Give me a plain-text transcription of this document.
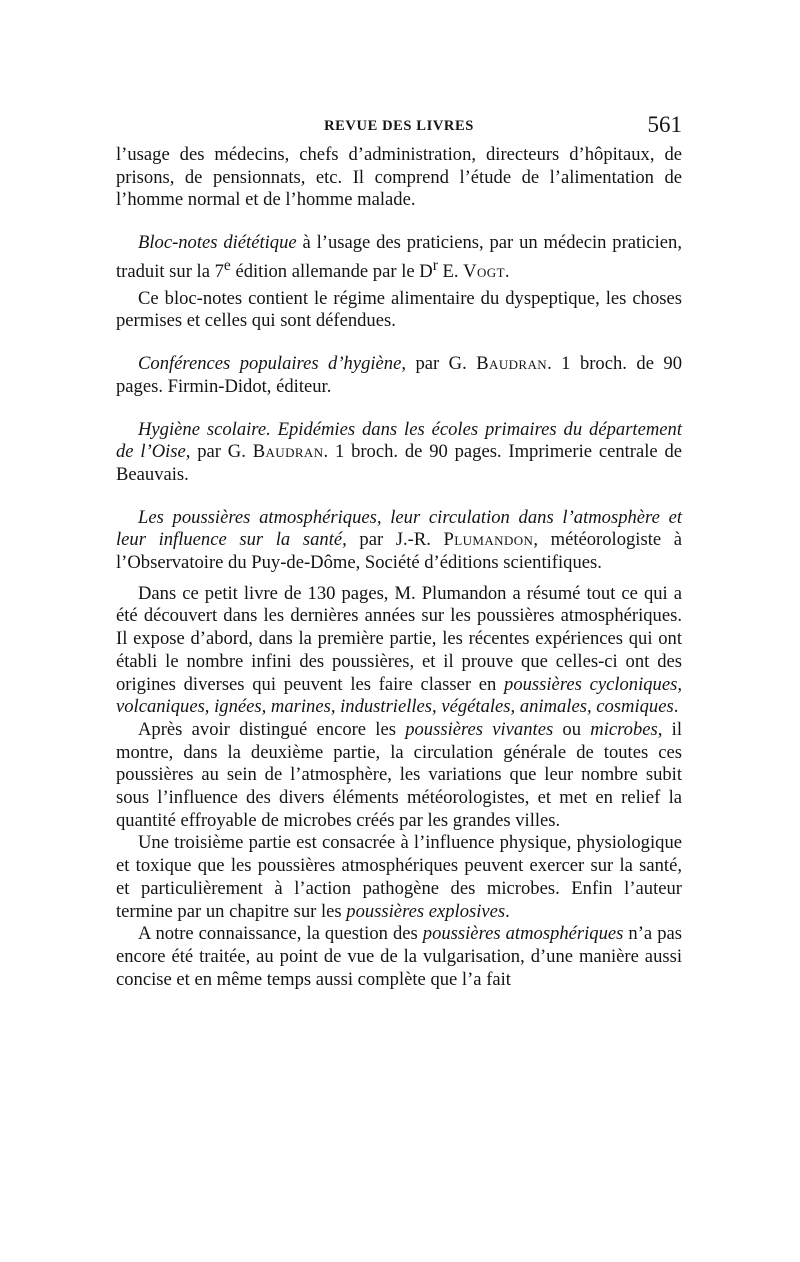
REVUE DES LIVRES	561

l’usage des médecins, chefs d’administration, directeurs d’hôpitaux, de prisons, de pensionnats, etc. Il comprend l’étude de l’alimentation de l’homme normal et de l’homme malade.

Bloc-notes diététique à l’usage des praticiens, par un médecin praticien, traduit sur la 7e édition allemande par le $D^r$ E. Vogt.

Ce bloc-notes contient le régime alimentaire du dyspeptique, les choses permises et celles qui sont défendues.

Conférences populaires d’hygiène, par G. Baudran. 1 broch. de 90 pages. Firmin-Didot, éditeur.

Hygiène scolaire. Epidémies dans les écoles primaires du département de l’Oise, par G. Baudran. 1 broch. de 90 pages. Imprimerie centrale de Beauvais.

Les poussières atmosphériques, leur circulation dans l’atmosphère et leur influence sur la santé, par J.-R. Plumandon, météorologiste à l’Observatoire du Puy-de-Dôme, Société d’éditions scientifiques.

Dans ce petit livre de 130 pages, M. Plumandon a résumé tout ce qui a été découvert dans les dernières années sur les poussières atmosphériques. Il expose d’abord, dans la première partie, les récentes expériences qui ont établi le nombre infini des poussières, et il prouve que celles-ci ont des origines diverses qui peuvent les faire classer en poussières cycloniques, volcaniques, ignées, marines, industrielles, végétales, animales, cosmiques.

Après avoir distingué encore les poussières vivantes ou microbes, il montre, dans la deuxième partie, la circulation générale de toutes ces poussières au sein de l’atmosphère, les variations que leur nombre subit sous l’influence des divers éléments météorologistes, et met en relief la quantité effroyable de microbes créés par les grandes villes.

Une troisième partie est consacrée à l’influence physique, physiologique et toxique que les poussières atmosphériques peuvent exercer sur la santé, et particulièrement à l’action pathogène des microbes. Enfin l’auteur termine par un chapitre sur les poussières explosives.

A notre connaissance, la question des poussières atmosphériques n’a pas encore été traitée, au point de vue de la vulgarisation, d’une manière aussi concise et en même temps aussi complète que l’a fait
